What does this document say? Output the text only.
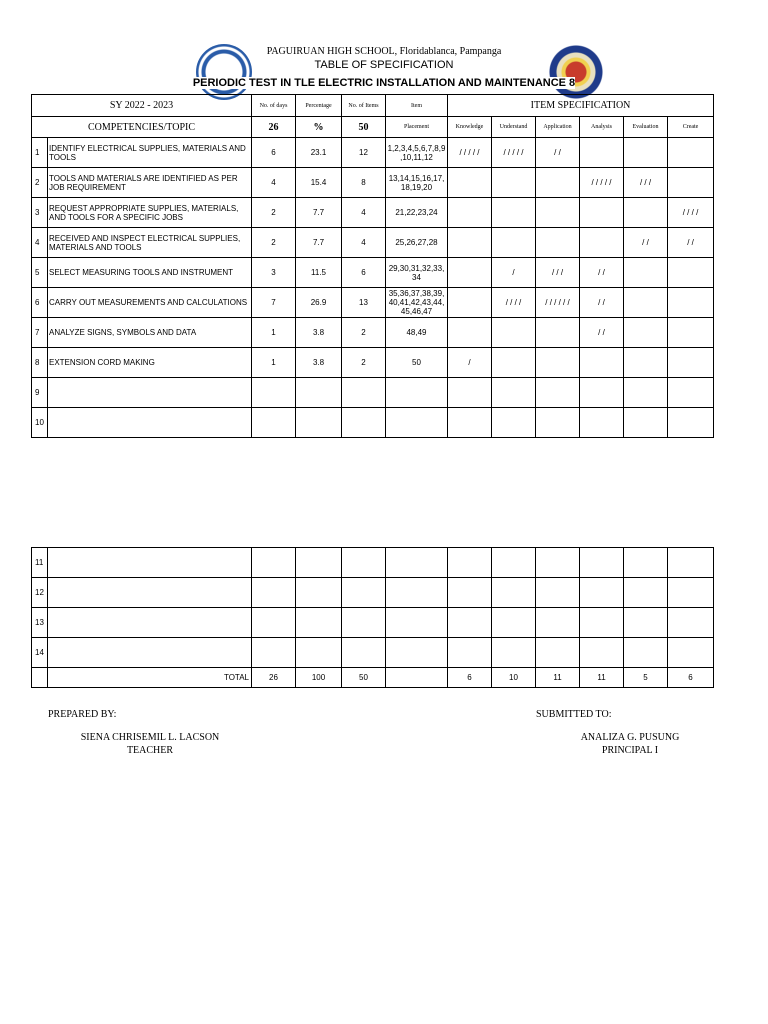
PAGUIRUAN HIGH SCHOOL, Floridablanca, Pampanga
TABLE OF SPECIFICATION
PERIODIC TEST IN TLE ELECTRIC INSTALLATION AND MAINTENANCE 8
SY 2022 - 2023		No. of days	Percentage	No. of Items	Item	ITEM SPECIFICATION					
COMPETENCIES/TOPIC		26	%	50	Placement	Knowledge	Understand	Application	Analysis	Evaluation	Create
1	IDENTIFY ELECTRICAL SUPPLIES, MATERIALS AND TOOLS	6	23.1	12	1,2,3,4,5,6,7,8,9 ,10,11,12	/ / / / /	/ / / / /	/ /			
2	TOOLS AND MATERIALS ARE IDENTIFIED AS PER JOB REQUIREMENT	4	15.4	8	13,14,15,16,17, 18,19,20				/ / / / /	/ / /	
3	REQUEST APPROPRIATE SUPPLIES, MATERIALS, AND TOOLS FOR A SPECIFIC JOBS	2	7.7	4	21,22,23,24						/ / / /
4	RECEIVED AND INSPECT ELECTRICAL SUPPLIES, MATERIALS AND TOOLS	2	7.7	4	25,26,27,28					/ /	/ /
5	SELECT MEASURING TOOLS AND INSTRUMENT	3	11.5	6	29,30,31,32,33, 34		/	/ / /	/ /		
6	CARRY OUT MEASUREMENTS AND CALCULATIONS	7	26.9	13	35,36,37,38,39, 40,41,42,43,44, 45,46,47		/ / / /	/ / / / / /	/ /		
7	ANALYZE SIGNS, SYMBOLS AND DATA	1	3.8	2	48,49				/ /		
8	EXTENSION CORD MAKING	1	3.8	2	50	/					
9											
10											
11											
12											
13											
14											
	TOTAL	26	100	50		6	10	11	11	5	6
PREPARED BY:	SUBMITTED TO:
SIENA CHRISEMIL L. LACSON
TEACHER
ANALIZA G. PUSUNG
PRINCIPAL I
